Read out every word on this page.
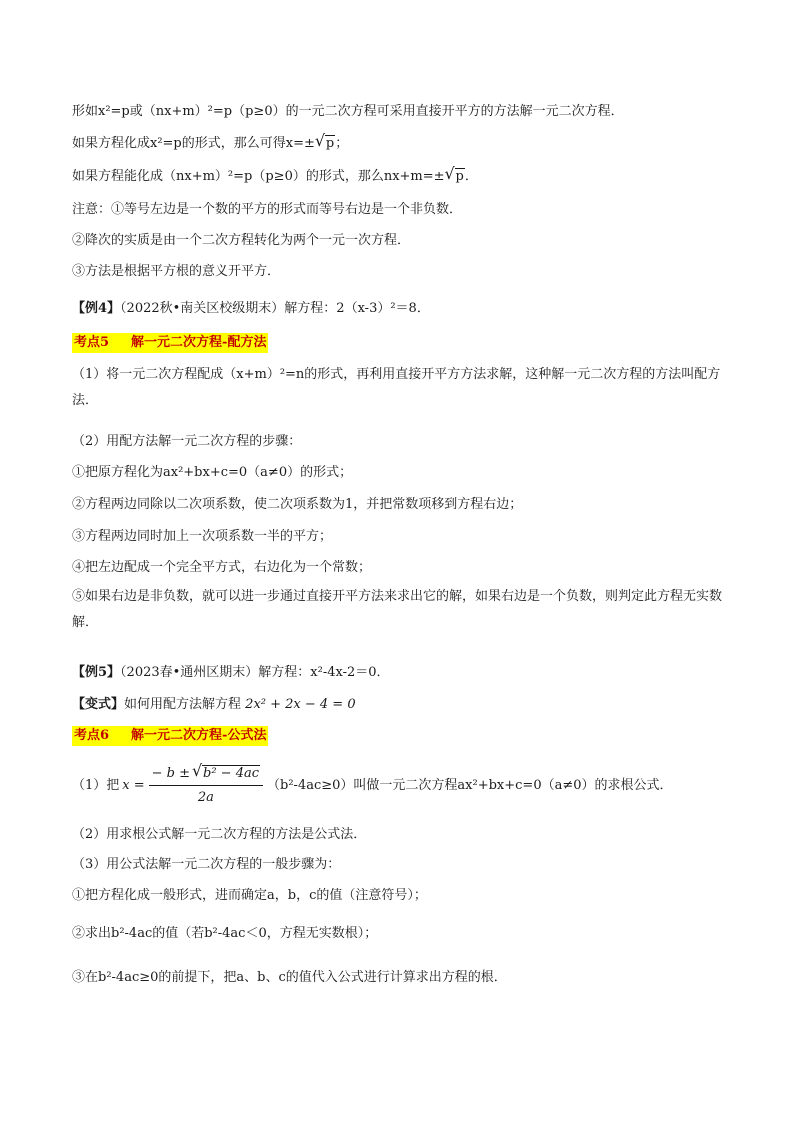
形如x²=p或（nx+m）²=p（p≥0）的一元二次方程可采用直接开平方的方法解一元二次方程．
如果方程化成x²=p的形式，那么可得x=± √ p；
如果方程能化成（nx+m）²=p（p≥0）的形式，那么nx+m=± √ p．
注意：①等号左边是一个数的平方的形式而等号右边是一个非负数．
②降次的实质是由一个二次方程转化为两个一元一次方程．
③方法是根据平方根的意义开平方．
【例4】（2022秋•南关区校级期末）解方程：2（x-3）²＝8．
考点5 解一元二次方程-配方法
（1）将一元二次方程配成（x+m）²=n的形式，再利用直接开平方方法求解，这种解一元二次方程的方法叫配方法．
（2）用配方法解一元二次方程的步骤：
①把原方程化为ax²+bx+c=0（a≠0）的形式；
②方程两边同除以二次项系数，使二次项系数为1，并把常数项移到方程右边；
③方程两边同时加上一次项系数一半的平方；
④把左边配成一个完全平方式，右边化为一个常数；
⑤如果右边是非负数，就可以进一步通过直接开平方法来求出它的解，如果右边是一个负数，则判定此方程无实数解．
【例5】（2023春•通州区期末）解方程：x²-4x-2＝0．
【变式】如何用配方法解方程 2x² + 2x − 4 = 0
考点6 解一元二次方程-公式法
（1）把 $x = \frac{\text{− b ± √ b² − 4ac}}{2a} (b^2-4ac\ge 0)$叫做一元二次方程ax²+bx+c=0（a≠0）的求根公式．
（2）用求根公式解一元二次方程的方法是公式法．
（3）用公式法解一元二次方程的一般步骤为：
①把方程化成一般形式，进而确定a，b，c的值（注意符号）；
②求出b²-4ac的值（若b²-4ac＜0，方程无实数根）；
③在b²-4ac≥0的前提下，把a、b、c的值代入公式进行计算求出方程的根．
